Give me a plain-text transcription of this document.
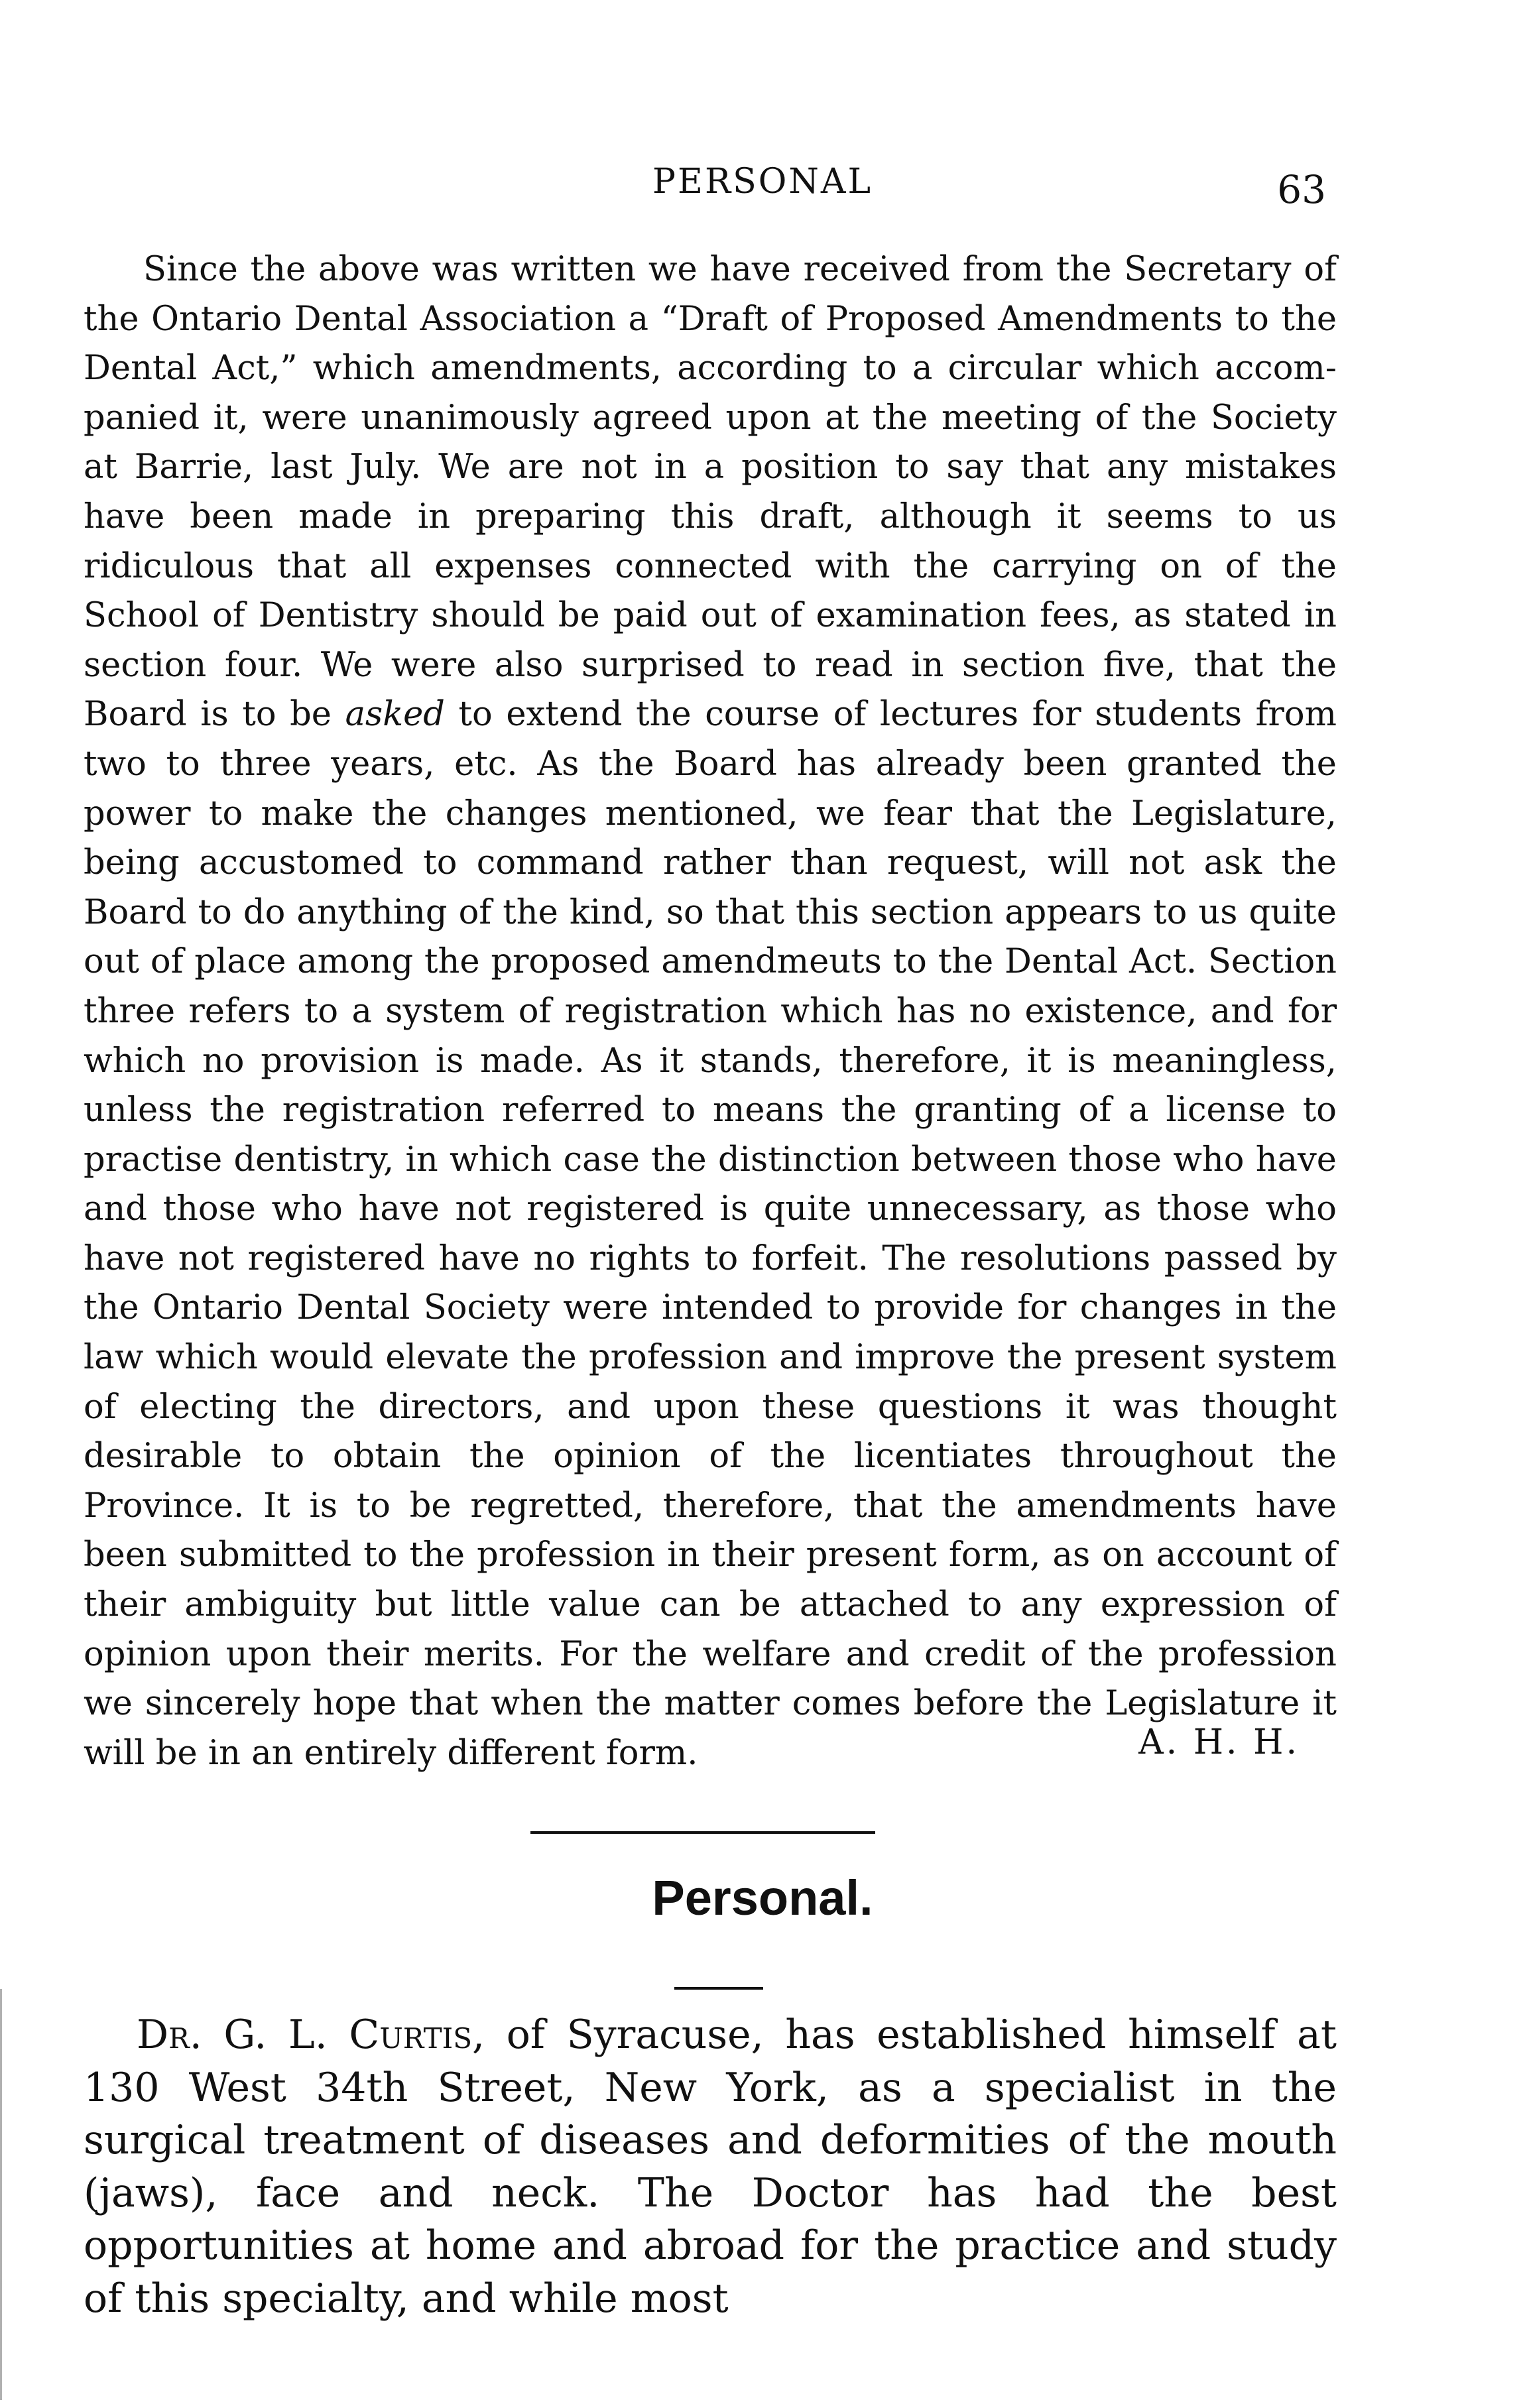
PERSONAL	63

Since the above was written we have received from the Secretary of the Ontario Dental Association a “Draft of Proposed Amendments to the Dental Act,” which amendments, according to a circular which accompanied it, were unanimously agreed upon at the meeting of the Society at Barrie, last July. We are not in a position to say that any mistakes have been made in preparing this draft, although it seems to us ridiculous that all expenses connected with the carrying on of the School of Dentistry should be paid out of examination fees, as stated in section four. We were also surprised to read in section five, that the Board is to be asked to extend the course of lectures for students from two to three years, etc. As the Board has already been granted the power to make the changes mentioned, we fear that the Legislature, being accustomed to command rather than request, will not ask the Board to do anything of the kind, so that this section appears to us quite out of place among the proposed amendmeuts to the Dental Act. Section three refers to a system of registration which has no existence, and for which no provision is made. As it stands, therefore, it is meaningless, unless the registration referred to means the granting of a license to practise dentistry, in which case the distinction between those who have and those who have not registered is quite unnecessary, as those who have not registered have no rights to forfeit. The resolutions passed by the Ontario Dental Society were intended to provide for changes in the law which would elevate the profession and improve the present system of electing the directors, and upon these questions it was thought desirable to obtain the opinion of the licentiates throughout the Province. It is to be regretted, therefore, that the amendments have been submitted to the profession in their present form, as on account of their ambiguity but little value can be attached to any expression of opinion upon their merits. For the welfare and credit of the profession we sincerely hope that when the matter comes before the Legislature it will be in an entirely different form.	A. H. H.
Personal.

Dr. G. L. Curtis, of Syracuse, has established himself at 130 West 34th Street, New York, as a specialist in the surgical treatment of diseases and deformities of the mouth (jaws), face and neck. The Doctor has had the best opportunities at home and abroad for the practice and study of this specialty, and while most
